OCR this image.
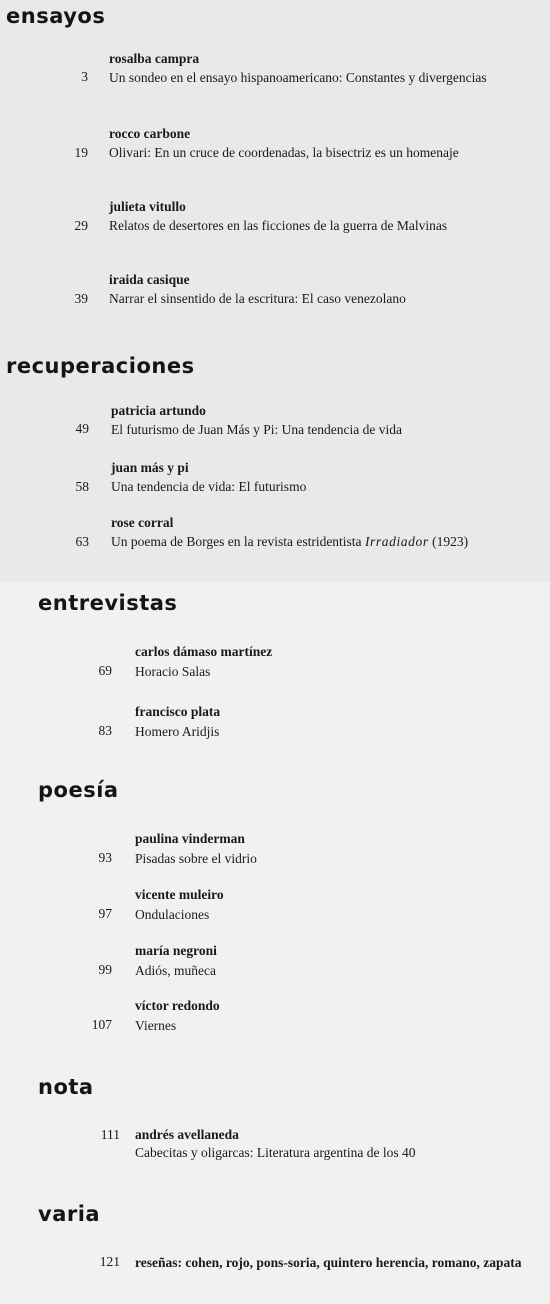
ensayos
rosalba campra
3 Un sondeo en el ensayo hispanoamericano: Constantes y divergencias
rocco carbone
19 Olivari: En un cruce de coordenadas, la bisectriz es un homenaje
julieta vitullo
29 Relatos de desertores en las ficciones de la guerra de Malvinas
iraida casique
39 Narrar el sinsentido de la escritura: El caso venezolano
recuperaciones
patricia artundo
49 El futurismo de Juan Más y Pi: Una tendencia de vida
juan más y pi
58 Una tendencia de vida: El futurismo
rose corral
63 Un poema de Borges en la revista estridentista Irradiador (1923)
entrevistas
carlos dámaso martínez
69 Horacio Salas
francisco plata
83 Homero Aridjis
poesía
paulina vinderman
93 Pisadas sobre el vidrio
vicente muleiro
97 Ondulaciones
maría negroni
99 Adiós, muñeca
víctor redondo
107 Viernes
nota
111 andrés avellaneda
Cabecitas y oligarcas: Literatura argentina de los 40
varia
121 reseñas: cohen, rojo, pons-soria, quintero herencia, romano, zapata
